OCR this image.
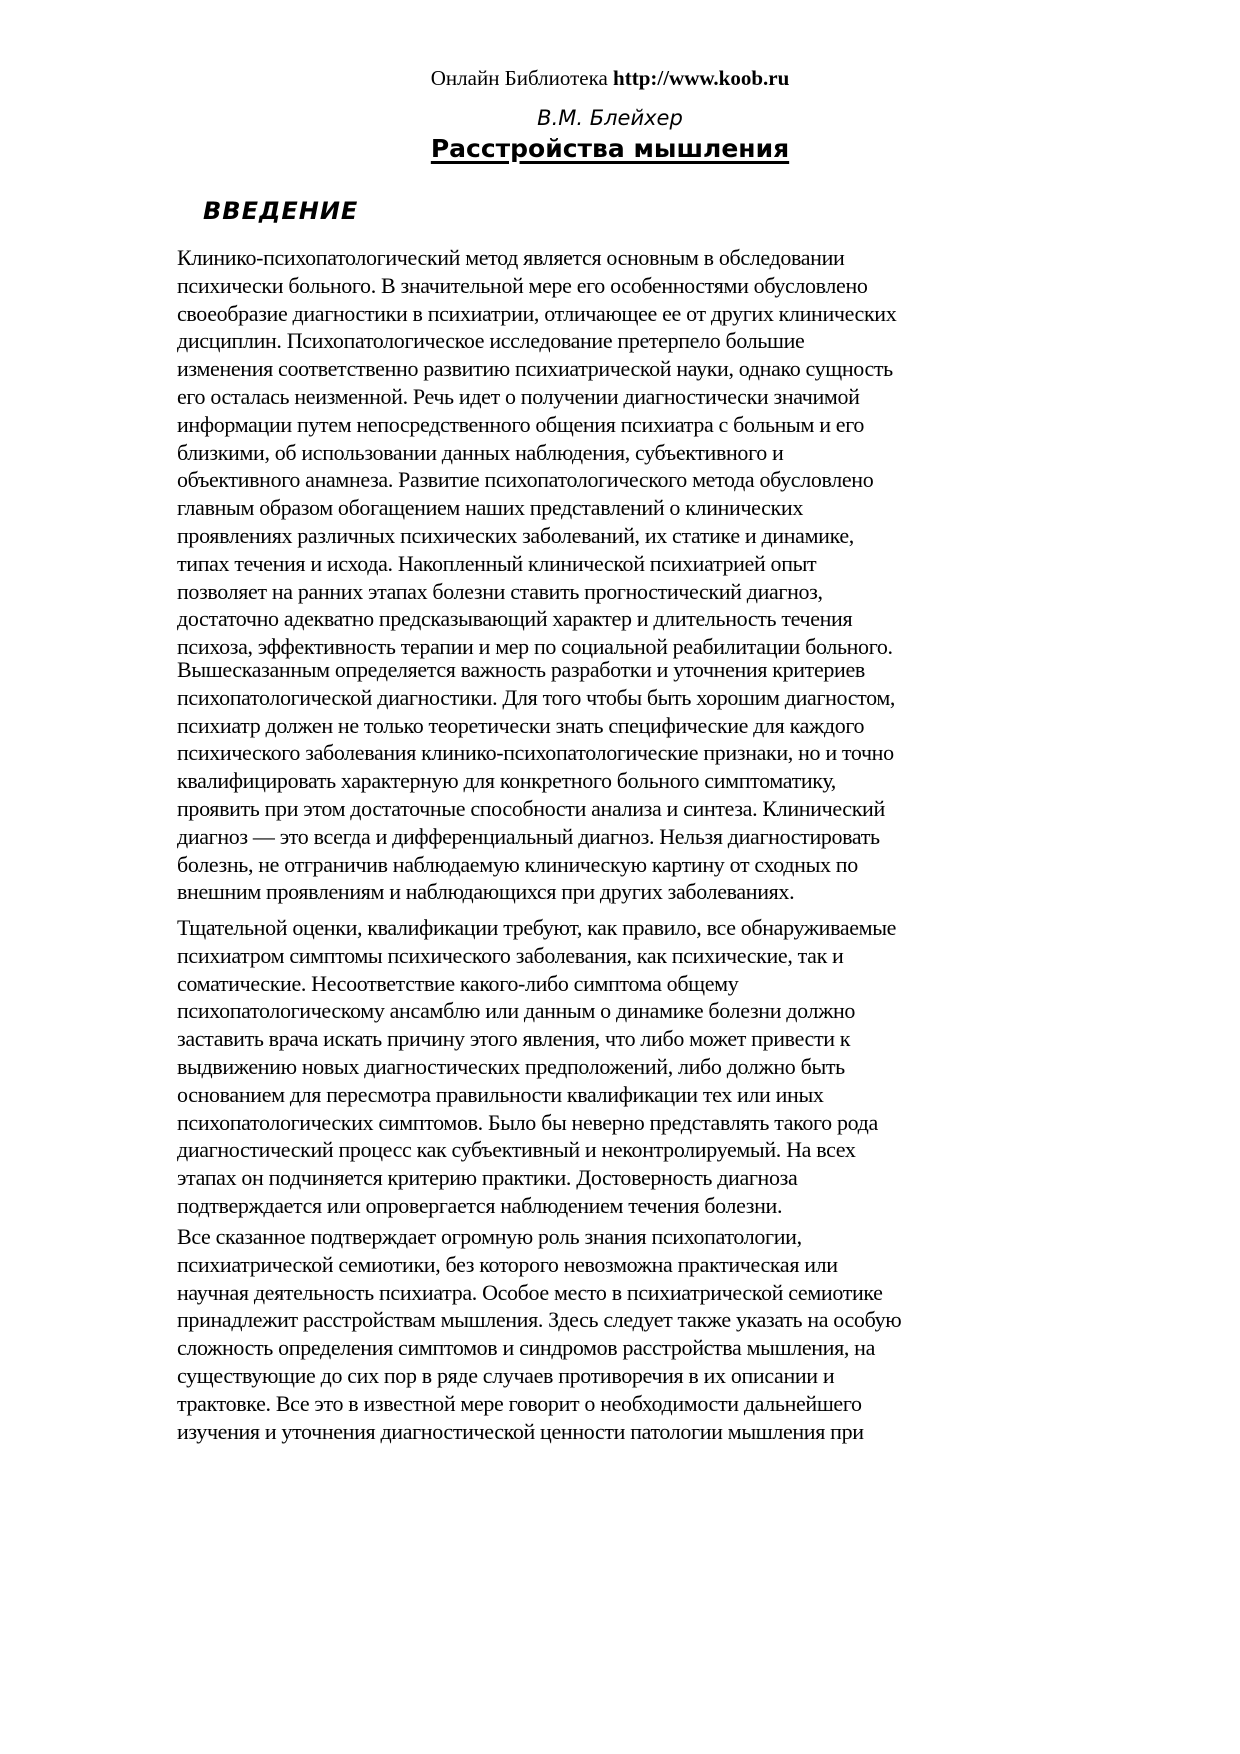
Онлайн Библиотека http://www.koob.ru
В.М. Блейхер
Расстройства мышления
ВВЕДЕНИЕ
Клинико-психопатологический метод является основным в обследовании
психически больного. В значительной мере его особенностями обусловлено
своеобразие диагностики в психиатрии, отличающее ее от других клинических
дисциплин. Психопатологическое исследование претерпело большие
изменения соответственно развитию психиатрической науки, однако сущность
его осталась неизменной. Речь идет о получении диагностически значимой
информации путем непосредственного общения психиатра с больным и его
близкими, об использовании данных наблюдения, субъективного и
объективного анамнеза. Развитие психопатологического метода обусловлено
главным образом обогащением наших представлений о клинических
проявлениях различных психических заболеваний, их статике и динамике,
типах течения и исхода. Накопленный клинической психиатрией опыт
позволяет на ранних этапах болезни ставить прогностический диагноз,
достаточно адекватно предсказывающий характер и длительность течения
психоза, эффективность терапии и мер по социальной реабилитации больного.
Вышесказанным определяется важность разработки и уточнения критериев
психопатологической диагностики. Для того чтобы быть хорошим диагностом,
психиатр должен не только теоретически знать специфические для каждого
психического заболевания клинико-психопатологические признаки, но и точно
квалифицировать характерную для конкретного больного симптоматику,
проявить при этом достаточные способности анализа и синтеза. Клинический
диагноз — это всегда и дифференциальный диагноз. Нельзя диагностировать
болезнь, не отграничив наблюдаемую клиническую картину от сходных по
внешним проявлениям и наблюдающихся при других заболеваниях.
Тщательной оценки, квалификации требуют, как правило, все обнаруживаемые
психиатром симптомы психического заболевания, как психические, так и
соматические. Несоответствие какого-либо симптома общему
психопатологическому ансамблю или данным о динамике болезни должно
заставить врача искать причину этого явления, что либо может привести к
выдвижению новых диагностических предположений, либо должно быть
основанием для пересмотра правильности квалификации тех или иных
психопатологических симптомов. Было бы неверно представлять такого рода
диагностический процесс как субъективный и неконтролируемый. На всех
этапах он подчиняется критерию практики. Достоверность диагноза
подтверждается или опровергается наблюдением течения болезни.
Все сказанное подтверждает огромную роль знания психопатологии,
психиатрической семиотики, без которого невозможна практическая или
научная деятельность психиатра. Особое место в психиатрической семиотике
принадлежит расстройствам мышления. Здесь следует также указать на особую
сложность определения симптомов и синдромов расстройства мышления, на
существующие до сих пор в ряде случаев противоречия в их описании и
трактовке. Все это в известной мере говорит о необходимости дальнейшего
изучения и уточнения диагностической ценности патологии мышления при
